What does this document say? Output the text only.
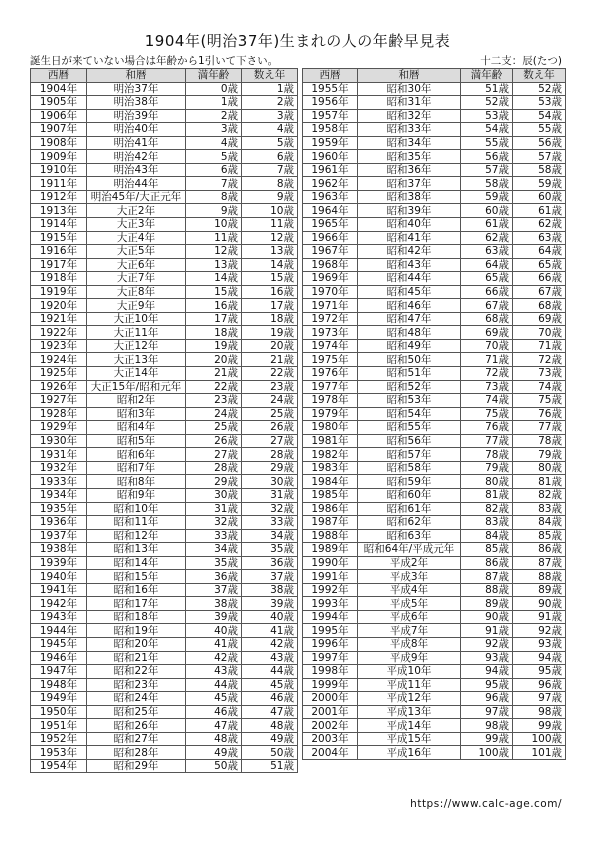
1904年(明治37年)生まれの人の年齢早見表
誕生日が来ていない場合は年齢から1引いて下さい。	十二支：辰(たつ)
西暦	和暦	満年齢	数え年
1904年	明治37年	0歳	1歳
1905年	明治38年	1歳	2歳
1906年	明治39年	2歳	3歳
1907年	明治40年	3歳	4歳
1908年	明治41年	4歳	5歳
1909年	明治42年	5歳	6歳
1910年	明治43年	6歳	7歳
1911年	明治44年	7歳	8歳
1912年	明治45年/大正元年	8歳	9歳
1913年	大正2年	9歳	10歳
1914年	大正3年	10歳	11歳
1915年	大正4年	11歳	12歳
1916年	大正5年	12歳	13歳
1917年	大正6年	13歳	14歳
1918年	大正7年	14歳	15歳
1919年	大正8年	15歳	16歳
1920年	大正9年	16歳	17歳
1921年	大正10年	17歳	18歳
1922年	大正11年	18歳	19歳
1923年	大正12年	19歳	20歳
1924年	大正13年	20歳	21歳
1925年	大正14年	21歳	22歳
1926年	大正15年/昭和元年	22歳	23歳
1927年	昭和2年	23歳	24歳
1928年	昭和3年	24歳	25歳
1929年	昭和4年	25歳	26歳
1930年	昭和5年	26歳	27歳
1931年	昭和6年	27歳	28歳
1932年	昭和7年	28歳	29歳
1933年	昭和8年	29歳	30歳
1934年	昭和9年	30歳	31歳
1935年	昭和10年	31歳	32歳
1936年	昭和11年	32歳	33歳
1937年	昭和12年	33歳	34歳
1938年	昭和13年	34歳	35歳
1939年	昭和14年	35歳	36歳
1940年	昭和15年	36歳	37歳
1941年	昭和16年	37歳	38歳
1942年	昭和17年	38歳	39歳
1943年	昭和18年	39歳	40歳
1944年	昭和19年	40歳	41歳
1945年	昭和20年	41歳	42歳
1946年	昭和21年	42歳	43歳
1947年	昭和22年	43歳	44歳
1948年	昭和23年	44歳	45歳
1949年	昭和24年	45歳	46歳
1950年	昭和25年	46歳	47歳
1951年	昭和26年	47歳	48歳
1952年	昭和27年	48歳	49歳
1953年	昭和28年	49歳	50歳
1954年	昭和29年	50歳	51歳
西暦	和暦	満年齢	数え年
1955年	昭和30年	51歳	52歳
1956年	昭和31年	52歳	53歳
1957年	昭和32年	53歳	54歳
1958年	昭和33年	54歳	55歳
1959年	昭和34年	55歳	56歳
1960年	昭和35年	56歳	57歳
1961年	昭和36年	57歳	58歳
1962年	昭和37年	58歳	59歳
1963年	昭和38年	59歳	60歳
1964年	昭和39年	60歳	61歳
1965年	昭和40年	61歳	62歳
1966年	昭和41年	62歳	63歳
1967年	昭和42年	63歳	64歳
1968年	昭和43年	64歳	65歳
1969年	昭和44年	65歳	66歳
1970年	昭和45年	66歳	67歳
1971年	昭和46年	67歳	68歳
1972年	昭和47年	68歳	69歳
1973年	昭和48年	69歳	70歳
1974年	昭和49年	70歳	71歳
1975年	昭和50年	71歳	72歳
1976年	昭和51年	72歳	73歳
1977年	昭和52年	73歳	74歳
1978年	昭和53年	74歳	75歳
1979年	昭和54年	75歳	76歳
1980年	昭和55年	76歳	77歳
1981年	昭和56年	77歳	78歳
1982年	昭和57年	78歳	79歳
1983年	昭和58年	79歳	80歳
1984年	昭和59年	80歳	81歳
1985年	昭和60年	81歳	82歳
1986年	昭和61年	82歳	83歳
1987年	昭和62年	83歳	84歳
1988年	昭和63年	84歳	85歳
1989年	昭和64年/平成元年	85歳	86歳
1990年	平成2年	86歳	87歳
1991年	平成3年	87歳	88歳
1992年	平成4年	88歳	89歳
1993年	平成5年	89歳	90歳
1994年	平成6年	90歳	91歳
1995年	平成7年	91歳	92歳
1996年	平成8年	92歳	93歳
1997年	平成9年	93歳	94歳
1998年	平成10年	94歳	95歳
1999年	平成11年	95歳	96歳
2000年	平成12年	96歳	97歳
2001年	平成13年	97歳	98歳
2002年	平成14年	98歳	99歳
2003年	平成15年	99歳	100歳
2004年	平成16年	100歳	101歳
https://www.calc-age.com/
